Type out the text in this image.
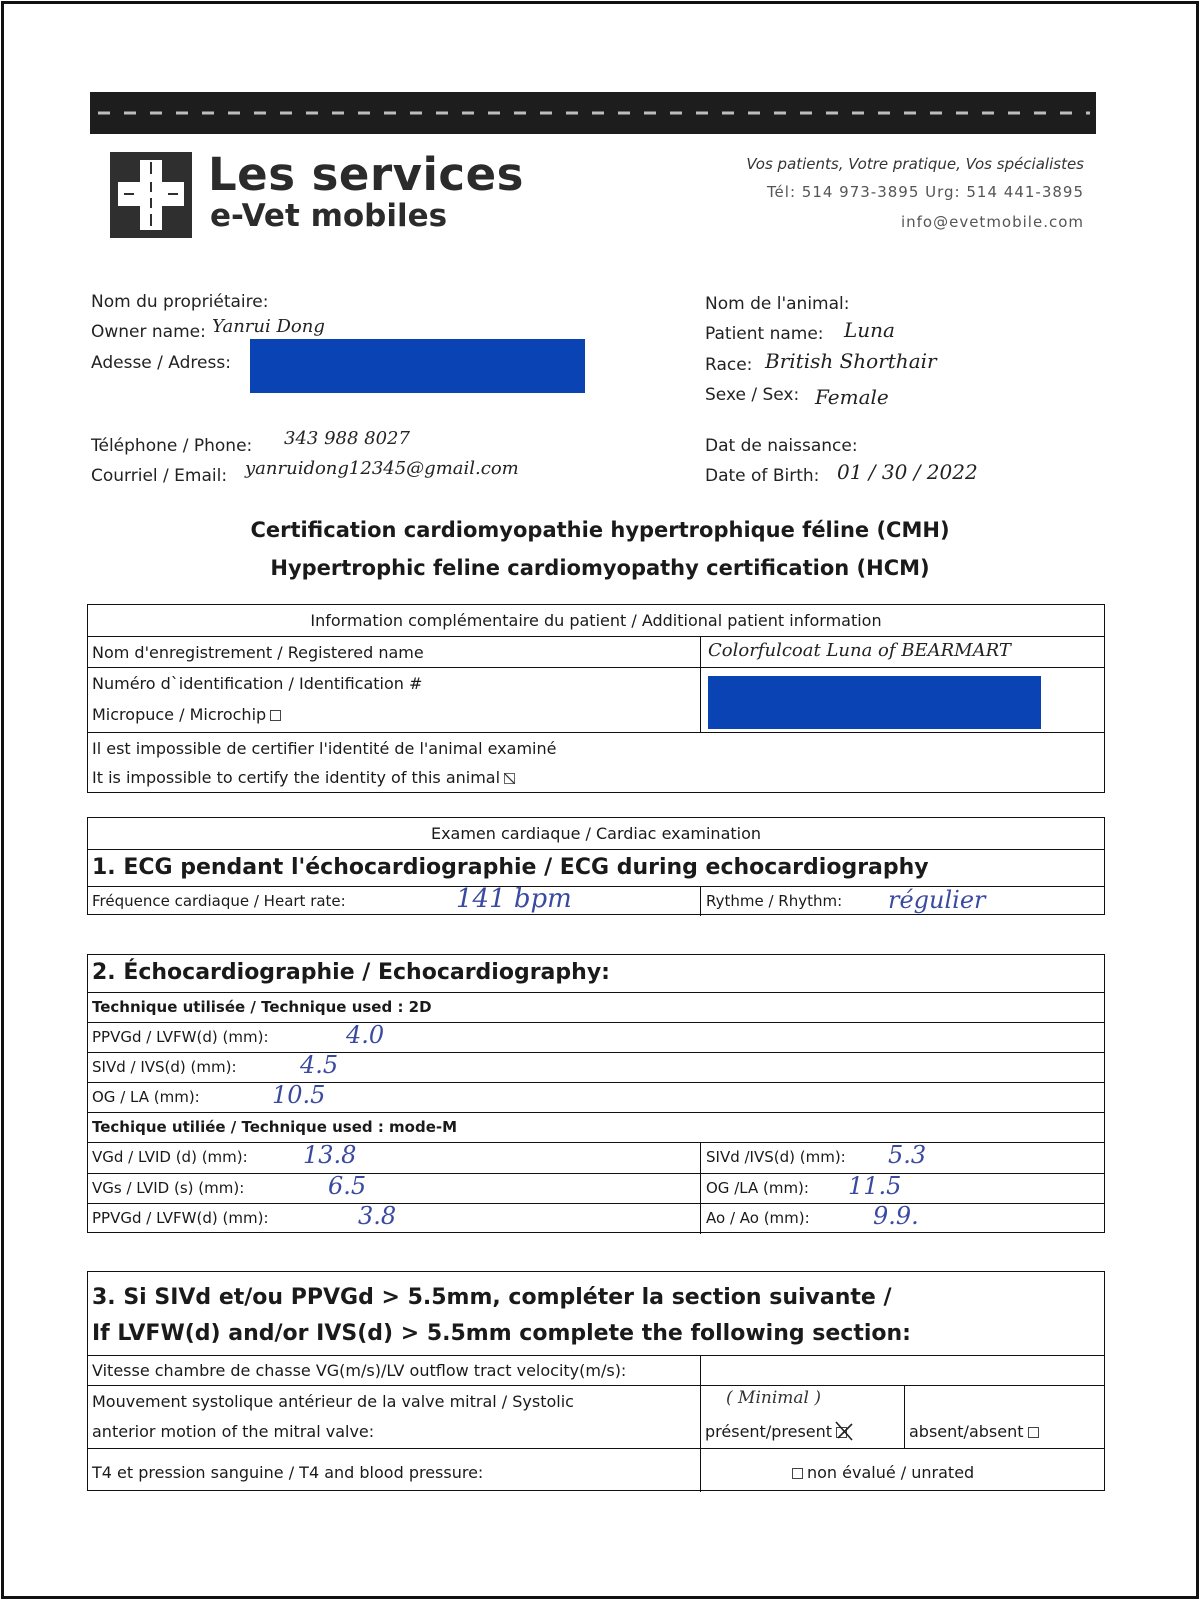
Les services
e-Vet mobiles
Vos patients, Votre pratique, Vos spécialistes
Tél: 514 973-3895 Urg: 514 441-3895
info@evetmobile.com
Nom du propriétaire:
Owner name: Yanrui Dong
Adesse / Adress:
Téléphone / Phone: 343 988 8027
Courriel / Email: yanruidong12345@gmail.com
Nom de l'animal:
Patient name: Luna
Race: British Shorthair
Sexe / Sex: Female
Dat de naissance:
Date of Birth: 01 / 30 / 2022
Certification cardiomyopathie hypertrophique féline (CMH)
Hypertrophic feline cardiomyopathy certification (HCM)
Information complémentaire du patient / Additional patient information
Nom d'enregistrement / Registered name	Colorfulcoat Luna of BEARMART
Numéro d`identification / Identification #
Micropuce / Microchip
Il est impossible de certifier l'identité de l'animal examiné
It is impossible to certify the identity of this animal
Examen cardiaque / Cardiac examination
1. ECG pendant l'échocardiographie / ECG during echocardiography
Fréquence cardiaque / Heart rate:	141 bpm	Rythme / Rhythm: régulier
2. Échocardiographie / Echocardiography:
Technique utilisée / Technique used : 2D
PPVGd / LVFW(d) (mm):	4.0
SIVd / IVS(d) (mm):	4.5
OG / LA (mm):	10.5
Techique utiliée / Technique used : mode-M
VGd / LVID (d) (mm): 13.8	SIVd /IVS(d) (mm): 5.3
VGs / LVID (s) (mm):	6.5	OG /LA (mm): 11.5
PPVGd / LVFW(d) (mm):	3.8	Ao / Ao (mm):	9.9.
3. Si SIVd et/ou PPVGd > 5.5mm, compléter la section suivante /
If LVFW(d) and/or IVS(d) > 5.5mm complete the following section:
Vitesse chambre de chasse VG(m/s)/LV outflow tract velocity(m/s):
Mouvement systolique antérieur de la valve mitral / Systolic
anterior motion of the mitral valve:
( Minimal )
présent/present	absent/absent
T4 et pression sanguine / T4 and blood pressure:	non évalué / unrated
